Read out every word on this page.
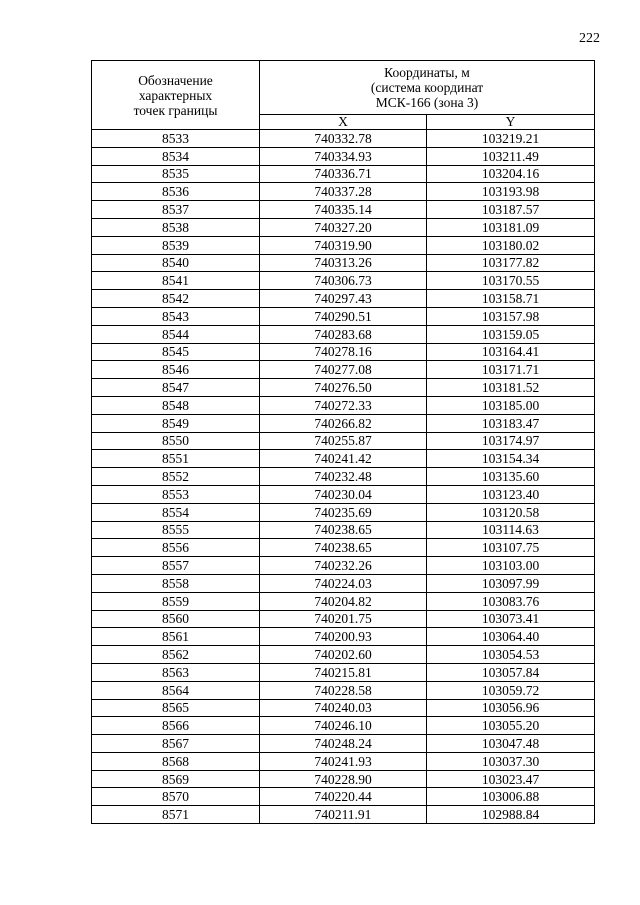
222
Обозначение
характерных
точек границы	Координаты, м
(система координат
МСК-166 (зона 3)	
	X	Y
8533	740332.78	103219.21
8534	740334.93	103211.49
8535	740336.71	103204.16
8536	740337.28	103193.98
8537	740335.14	103187.57
8538	740327.20	103181.09
8539	740319.90	103180.02
8540	740313.26	103177.82
8541	740306.73	103170.55
8542	740297.43	103158.71
8543	740290.51	103157.98
8544	740283.68	103159.05
8545	740278.16	103164.41
8546	740277.08	103171.71
8547	740276.50	103181.52
8548	740272.33	103185.00
8549	740266.82	103183.47
8550	740255.87	103174.97
8551	740241.42	103154.34
8552	740232.48	103135.60
8553	740230.04	103123.40
8554	740235.69	103120.58
8555	740238.65	103114.63
8556	740238.65	103107.75
8557	740232.26	103103.00
8558	740224.03	103097.99
8559	740204.82	103083.76
8560	740201.75	103073.41
8561	740200.93	103064.40
8562	740202.60	103054.53
8563	740215.81	103057.84
8564	740228.58	103059.72
8565	740240.03	103056.96
8566	740246.10	103055.20
8567	740248.24	103047.48
8568	740241.93	103037.30
8569	740228.90	103023.47
8570	740220.44	103006.88
8571	740211.91	102988.84
